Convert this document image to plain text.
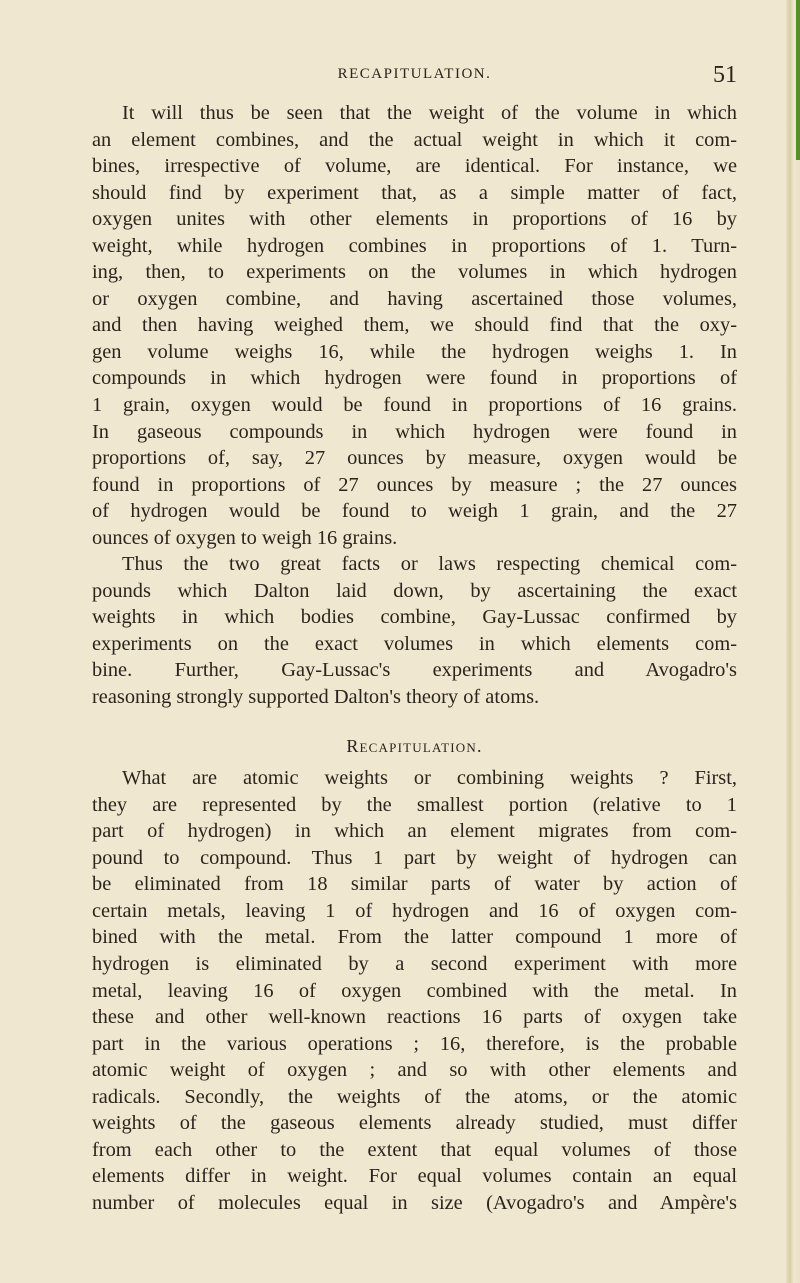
RECAPITULATION.	51
It will thus be seen that the weight of the volume in which
an element combines, and the actual weight in which it com-
bines, irrespective of volume, are identical. For instance, we
should find by experiment that, as a simple matter of fact,
oxygen unites with other elements in proportions of 16 by
weight, while hydrogen combines in proportions of 1. Turn-
ing, then, to experiments on the volumes in which hydrogen
or oxygen combine, and having ascertained those volumes,
and then having weighed them, we should find that the oxy-
gen volume weighs 16, while the hydrogen weighs 1. In
compounds in which hydrogen were found in proportions of
1 grain, oxygen would be found in proportions of 16 grains.
In gaseous compounds in which hydrogen were found in
proportions of, say, 27 ounces by measure, oxygen would be
found in proportions of 27 ounces by measure ; the 27 ounces
of hydrogen would be found to weigh 1 grain, and the 27
ounces of oxygen to weigh 16 grains.
Thus the two great facts or laws respecting chemical com-
pounds which Dalton laid down, by ascertaining the exact
weights in which bodies combine, Gay-Lussac confirmed by
experiments on the exact volumes in which elements com-
bine. Further, Gay-Lussac's experiments and Avogadro's
reasoning strongly supported Dalton's theory of atoms.
Recapitulation.
What are atomic weights or combining weights ? First,
they are represented by the smallest portion (relative to 1
part of hydrogen) in which an element migrates from com-
pound to compound. Thus 1 part by weight of hydrogen can
be eliminated from 18 similar parts of water by action of
certain metals, leaving 1 of hydrogen and 16 of oxygen com-
bined with the metal. From the latter compound 1 more of
hydrogen is eliminated by a second experiment with more
metal, leaving 16 of oxygen combined with the metal. In
these and other well-known reactions 16 parts of oxygen take
part in the various operations ; 16, therefore, is the probable
atomic weight of oxygen ; and so with other elements and
radicals. Secondly, the weights of the atoms, or the atomic
weights of the gaseous elements already studied, must differ
from each other to the extent that equal volumes of those
elements differ in weight. For equal volumes contain an equal
number of molecules equal in size (Avogadro's and Ampère's
